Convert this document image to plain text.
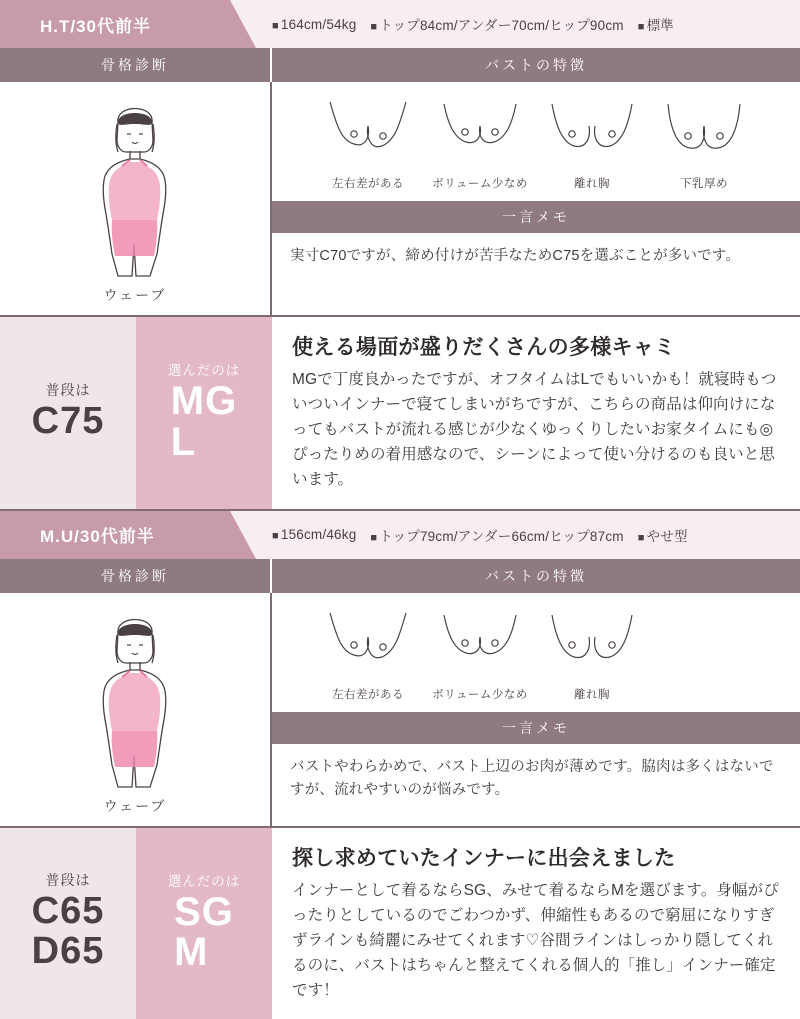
H.T/30代前半	■ 164cm/54kg ■ トップ84cm/アンダー70cm/ヒップ90cm ■ 標準
骨格診断	バストの特徴
ウェーブ
左右差がある	ボリューム少なめ	離れ胸	下乳厚め
一言メモ
実寸C70ですが、締め付けが苦手なためC75を選ぶことが多いです。
普段は
C75
選んだのは
MG
L
使える場面が盛りだくさんの多様キャミ
MGで丁度良かったですが、オフタイムはLでもいいかも！就寝時もついついインナーで寝てしまいがちですが、こちらの商品は仰向けになってもバストが流れる感じが少なくゆっくりしたいお家タイムにも◎ぴったりめの着用感なので、シーンによって使い分けるのも良いと思います。
M.U/30代前半	■ 156cm/46kg ■ トップ79cm/アンダー66cm/ヒップ87cm ■ やせ型
骨格診断	バストの特徴
ウェーブ
左右差がある	ボリューム少なめ	離れ胸
一言メモ
バストやわらかめで、バスト上辺のお肉が薄めです。脇肉は多くはないですが、流れやすいのが悩みです。
普段は
C65
D65
選んだのは
SG
M
探し求めていたインナーに出会えました
インナーとして着るならSG、みせて着るならMを選びます。身幅がぴったりとしているのでごわつかず、伸縮性もあるので窮屈になりすぎずラインも綺麗にみせてくれます♡谷間ラインはしっかり隠してくれるのに、バストはちゃんと整えてくれる個人的「推し」インナー確定です！
